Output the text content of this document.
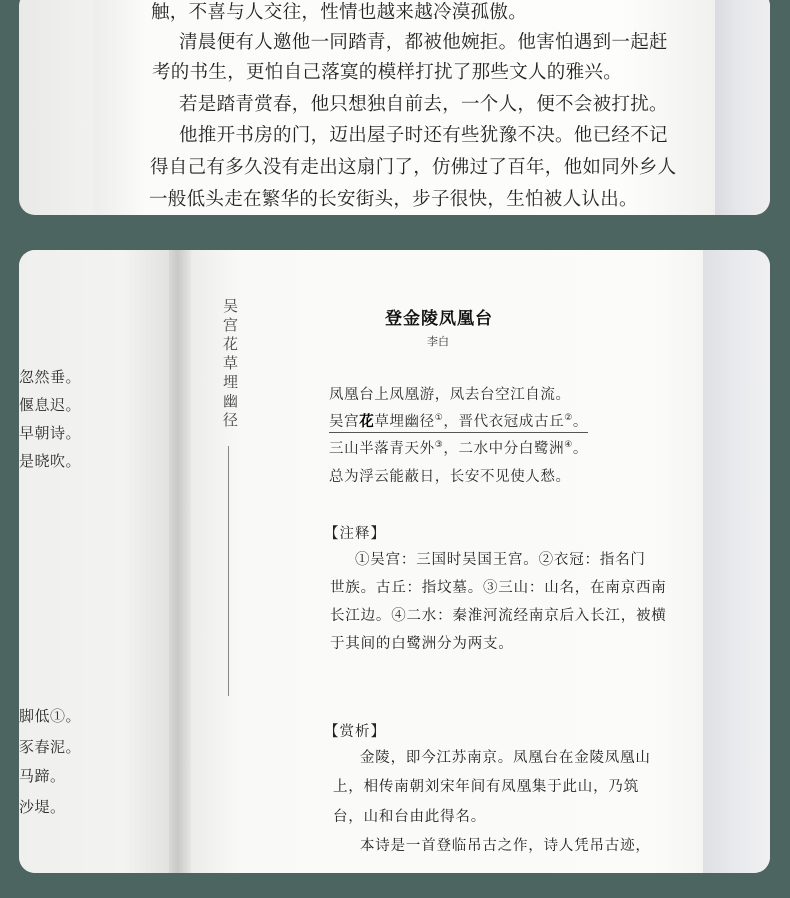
触，不喜与人交往，性情也越来越冷漠孤傲。
清晨便有人邀他一同踏青，都被他婉拒。他害怕遇到一起赶
考的书生，更怕自己落寞的模样打扰了那些文人的雅兴。
若是踏青赏春，他只想独自前去，一个人，便不会被打扰。
他推开书房的门，迈出屋子时还有些犹豫不决。他已经不记
得自己有多久没有走出这扇门了，仿佛过了百年，他如同外乡人
一般低头走在繁华的长安街头，步子很快，生怕被人认出。
忽然垂。
偃息迟。
早朝诗。
是晓吹。
脚低①。
豕春泥。
马蹄。
沙堤。
吴宫花草埋幽径	登金陵凤凰台
李白
凤凰台上凤凰游，凤去台空江自流。
吴宫花草埋幽径①，晋代衣冠成古丘②。
三山半落青天外③，二水中分白鹭洲④。
总为浮云能蔽日，长安不见使人愁。
【注释】
①吴宫：三国时吴国王宫。②衣冠：指名门
世族。古丘：指坟墓。③三山：山名，在南京西南
长江边。④二水：秦淮河流经南京后入长江，被横
于其间的白鹭洲分为两支。
【赏析】
金陵，即今江苏南京。凤凰台在金陵凤凰山
上，相传南朝刘宋年间有凤凰集于此山，乃筑
台，山和台由此得名。
本诗是一首登临吊古之作，诗人凭吊古迹，
